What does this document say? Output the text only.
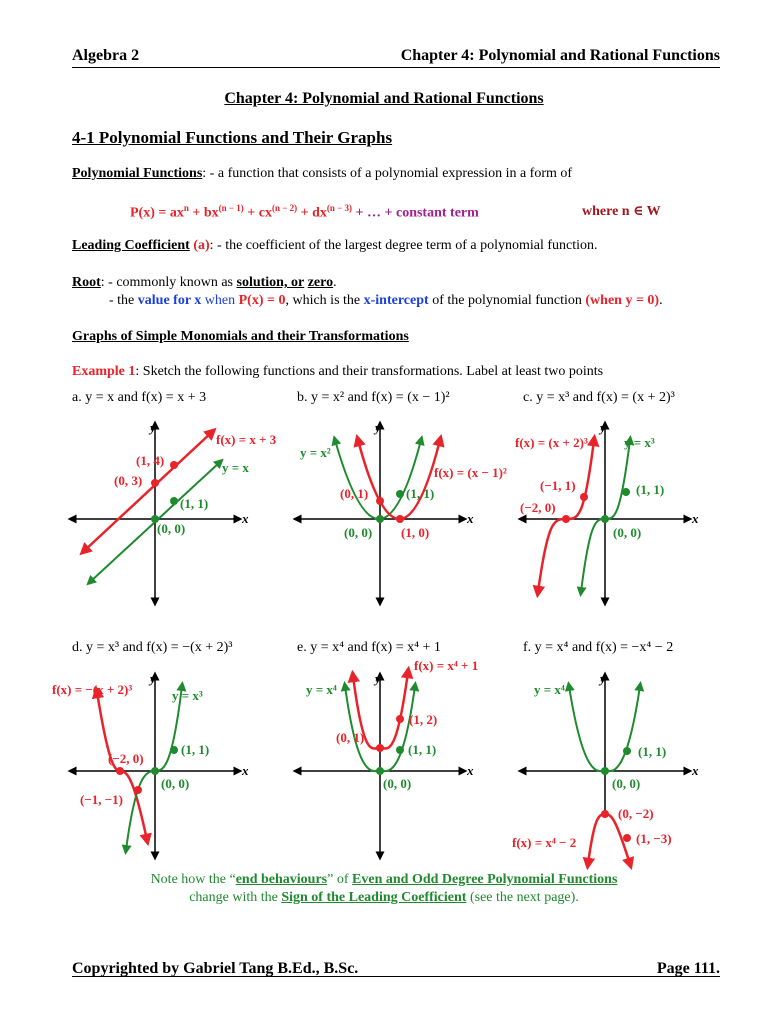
Algebra 2	Chapter 4: Polynomial and Rational Functions
Chapter 4: Polynomial and Rational Functions
4-1 Polynomial Functions and Their Graphs
Polynomial Functions: - a function that consists of a polynomial expression in a form of
$P(x) = ax^n + bx^{(n - 1)} + cx^{(n - 2)} + dx^{(n - 3)}$ + … + constant term	where n ∈ W
Leading Coefficient (a): - the coefficient of the largest degree term of a polynomial function.
Root: - commonly known as solution, or zero.
- the value for x when P(x) = 0, which is the x-intercept of the polynomial function (when y = 0).
Graphs of Simple Monomials and their Transformations
Example 1: Sketch the following functions and their transformations. Label at least two points
a. y = x and f(x) = x + 3	b. y = x² and f(x) = (x − 1)²	c. y = x³ and f(x) = (x + 2)³
d. y = x³ and f(x) = −(x + 2)³	e. y = x⁴ and f(x) = x⁴ + 1	f. y = x⁴ and f(x) = −x⁴ − 2
x
y
f(x) = x + 3
y = x
(1, 4)
(0, 3)
(1, 1)
(0, 0)
x
y
y = x²
f(x) = (x − 1)²
(0, 1)	(1, 1)
(0, 0) (1, 0)
x
y
f(x) = (x + 2)³	y = x³
(−1, 1)
(−2, 0)
(1, 1)
(0, 0)
x
y
f(x) = −(x + 2)³	y = x³
(−2, 0)
(−1, −1)
(1, 1)
(0, 0)
x
y
y = x⁴
f(x) = x⁴ + 1
(1, 2)
(0, 1)
(1, 1)
(0, 0)
x
y
y = x⁴
f(x) = x⁴ − 2
(1, 1)
(0, 0)
(0, −2)
(1, −3)
Note how the “end behaviours” of Even and Odd Degree Polynomial Functions
change with the Sign of the Leading Coefficient (see the next page).
Copyrighted by Gabriel Tang B.Ed., B.Sc.	Page 111.
